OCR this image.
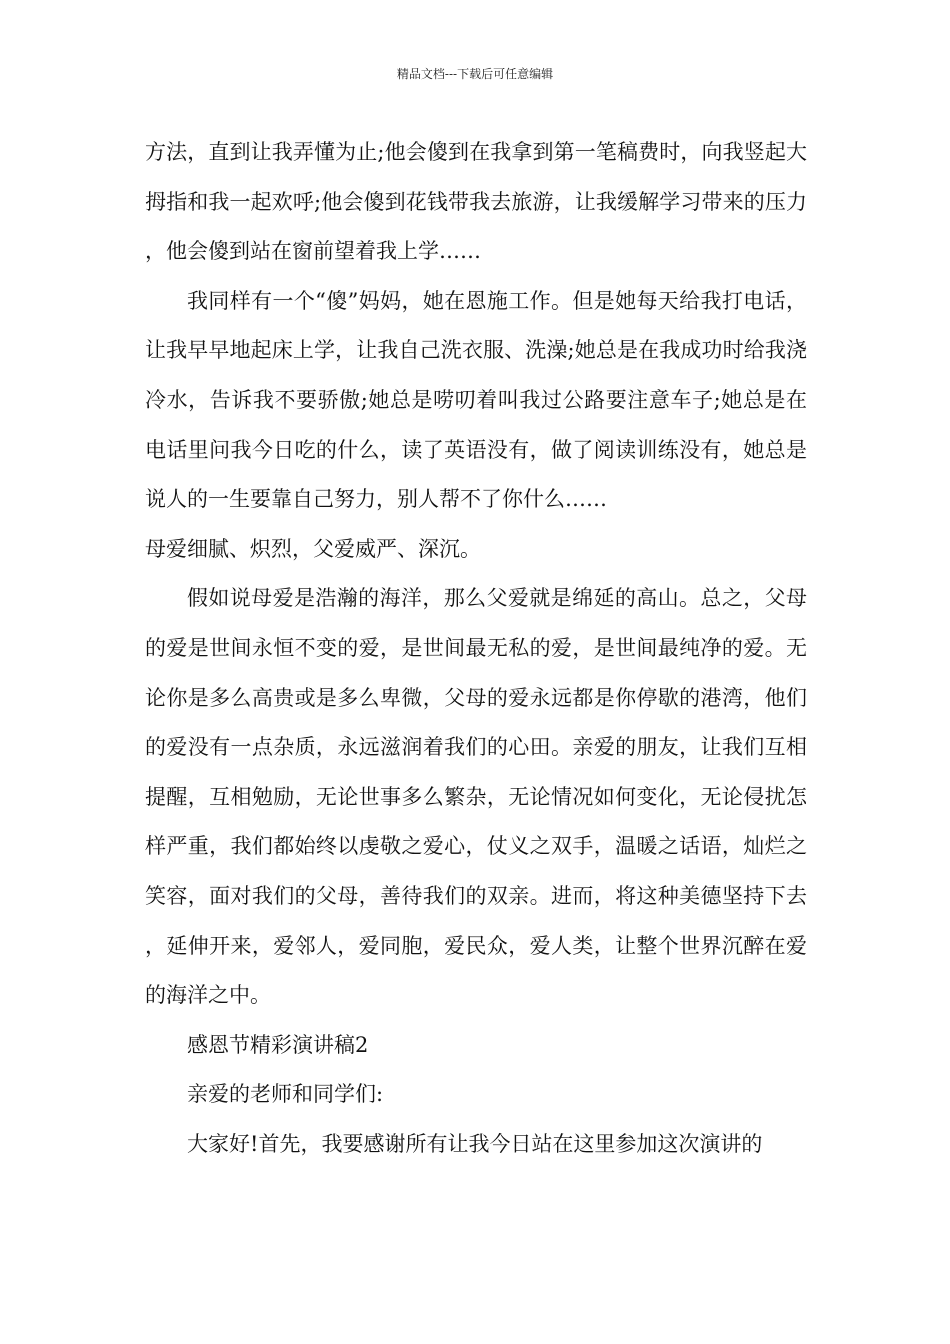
精品文档---下载后可任意编辑

方法，直到让我弄懂为止;他会傻到在我拿到第一笔稿费时，向我竖起大拇指和我一起欢呼;他会傻到花钱带我去旅游，让我缓解学习带来的压力，他会傻到站在窗前望着我上学……

我同样有一个“傻”妈妈，她在恩施工作。但是她每天给我打电话，让我早早地起床上学，让我自己洗衣服、洗澡;她总是在我成功时给我浇冷水，告诉我不要骄傲;她总是唠叨着叫我过公路要注意车子;她总是在电话里问我今日吃的什么，读了英语没有，做了阅读训练没有，她总是说人的一生要靠自己努力，别人帮不了你什么……

母爱细腻、炽烈，父爱威严、深沉。

假如说母爱是浩瀚的海洋，那么父爱就是绵延的高山。总之，父母的爱是世间永恒不变的爱，是世间最无私的爱，是世间最纯净的爱。无论你是多么高贵或是多么卑微，父母的爱永远都是你停歇的港湾，他们的爱没有一点杂质，永远滋润着我们的心田。亲爱的朋友，让我们互相提醒，互相勉励，无论世事多么繁杂，无论情况如何变化，无论侵扰怎样严重，我们都始终以虔敬之爱心，仗义之双手，温暖之话语，灿烂之笑容，面对我们的父母，善待我们的双亲。进而，将这种美德坚持下去，延伸开来，爱邻人，爱同胞，爱民众，爱人类，让整个世界沉醉在爱的海洋之中。

感恩节精彩演讲稿2

亲爱的老师和同学们:

大家好!首先，我要感谢所有让我今日站在这里参加这次演讲的
